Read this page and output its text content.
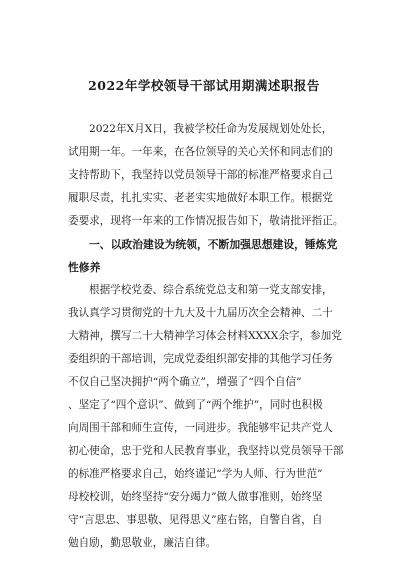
2022年学校领导干部试用期满述职报告
2022年X月X日，我被学校任命为发展规划处处长，
试用期一年。一年来，在各位领导的关心关怀和同志们的
支持帮助下，我坚持以党员领导干部的标准严格要求自己
履职尽责，扎扎实实、老老实实地做好本职工作。根据党
委要求，现将一年来的工作情况报告如下，敬请批评指正。
一、以政治建设为统领，不断加强思想建设，锤炼党
性修养
根据学校党委、综合系统党总支和第一党支部安排，
我认真学习贯彻党的十九大及十九届历次全会精神、二十
大精神，撰写二十大精神学习体会材料XXXX余字，参加党
委组织的干部培训，完成党委组织部安排的其他学习任务
不仅自己坚决拥护“两个确立”，增强了“四个自信”
、坚定了“四个意识”、做到了“两个维护”，同时也积极
向周围干部和师生宣传，一同进步。我能够牢记共产党人
初心使命，忠于党和人民教育事业，我坚持以党员领导干部
的标准严格要求自己，始终谨记“学为人师、行为世范”
母校校训，始终坚持“安分竭力”做人做事准则，始终坚
守“言思忠、事思敬、见得思义”座右铭，自警自省，自
勉自励，勤思敬业，廉洁自律。
